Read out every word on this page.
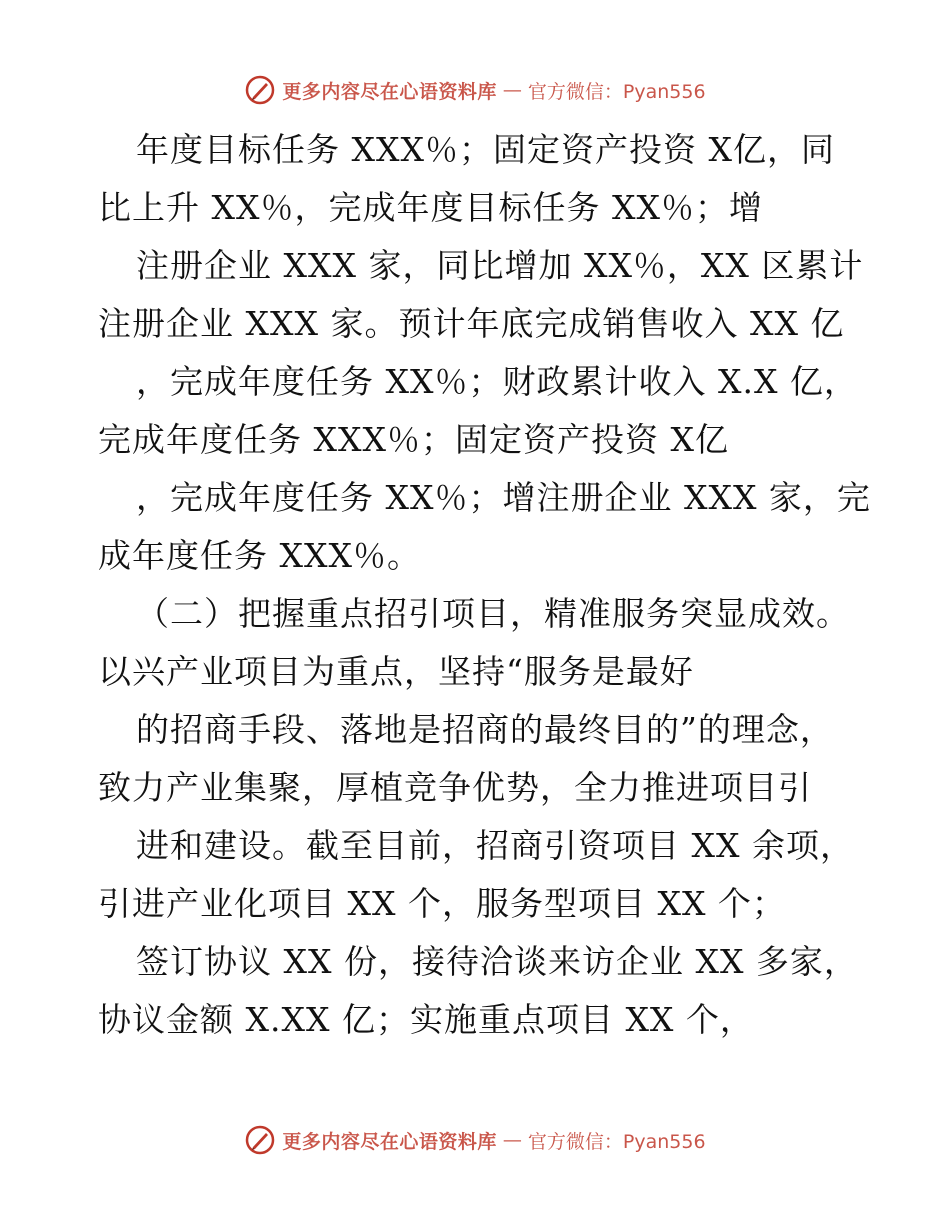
更多内容尽在心语资料库 — 官方微信：Pyan556
年度目标任务 XXX％；固定资产投资 X亿，同
比上升 XX％，完成年度目标任务 XX％；增
注册企业 XXX 家，同比增加 XX％，XX 区累计
注册企业 XXX 家。预计年底完成销售收入 XX 亿
，完成年度任务 XX％；财政累计收入 X.X 亿，
完成年度任务 XXX％；固定资产投资 X亿
，完成年度任务 XX％；增注册企业 XXX 家，完
成年度任务 XXX％。
（二）把握重点招引项目，精准服务突显成效。
以兴产业项目为重点，坚持“服务是最好
的招商手段、落地是招商的最终目的”的理念，
致力产业集聚，厚植竞争优势，全力推进项目引
进和建设。截至目前，招商引资项目 XX 余项，
引进产业化项目 XX 个，服务型项目 XX 个；
签订协议 XX 份，接待洽谈来访企业 XX 多家，
协议金额 X.XX 亿；实施重点项目 XX 个，
更多内容尽在心语资料库 — 官方微信：Pyan556
